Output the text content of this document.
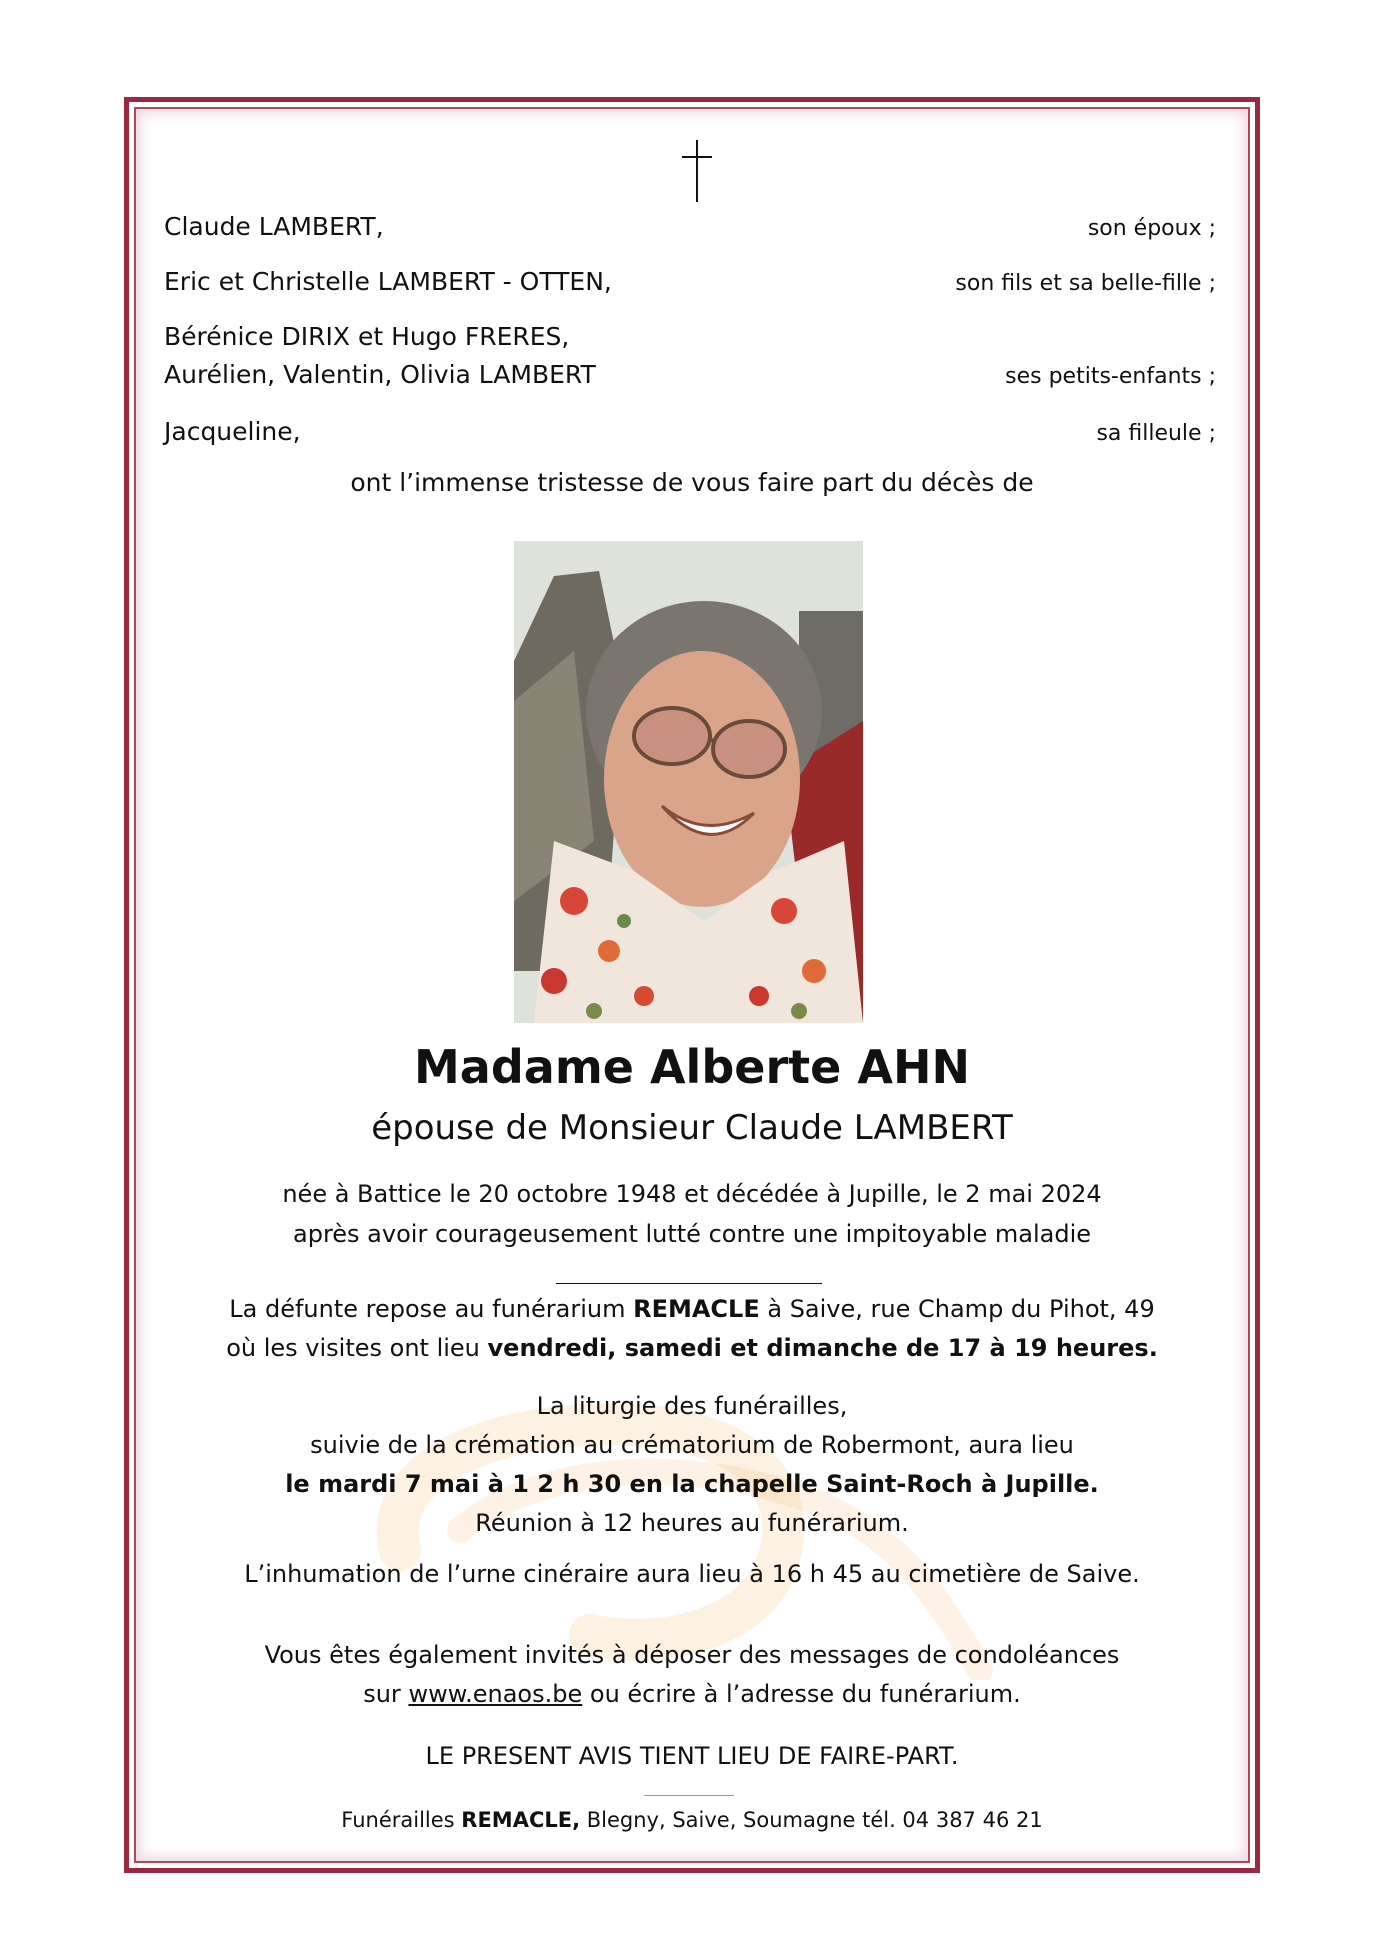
Claude LAMBERT,	son époux ;
Eric et Christelle LAMBERT - OTTEN,	son fils et sa belle-fille ;
Bérénice DIRIX et Hugo FRERES,
Aurélien, Valentin, Olivia LAMBERT	ses petits-enfants ;
Jacqueline,	sa filleule ;
ont l’immense tristesse de vous faire part du décès de
Madame Alberte AHN
épouse de Monsieur Claude LAMBERT
née à Battice le 20 octobre 1948 et décédée à Jupille, le 2 mai 2024
après avoir courageusement lutté contre une impitoyable maladie
La défunte repose au funérarium REMACLE à Saive, rue Champ du Pihot, 49
où les visites ont lieu vendredi, samedi et dimanche de 17 à 19 heures.
La liturgie des funérailles,
suivie de la crémation au crématorium de Robermont, aura lieu
le mardi 7 mai à 1 2 h 30 en la chapelle Saint-Roch à Jupille.
Réunion à 12 heures au funérarium.
L’inhumation de l’urne cinéraire aura lieu à 16 h 45 au cimetière de Saive.
Vous êtes également invités à déposer des messages de condoléances
sur www.enaos.be ou écrire à l’adresse du funérarium.
LE PRESENT AVIS TIENT LIEU DE FAIRE-PART.
Funérailles REMACLE, Blegny, Saive, Soumagne tél. 04 387 46 21
